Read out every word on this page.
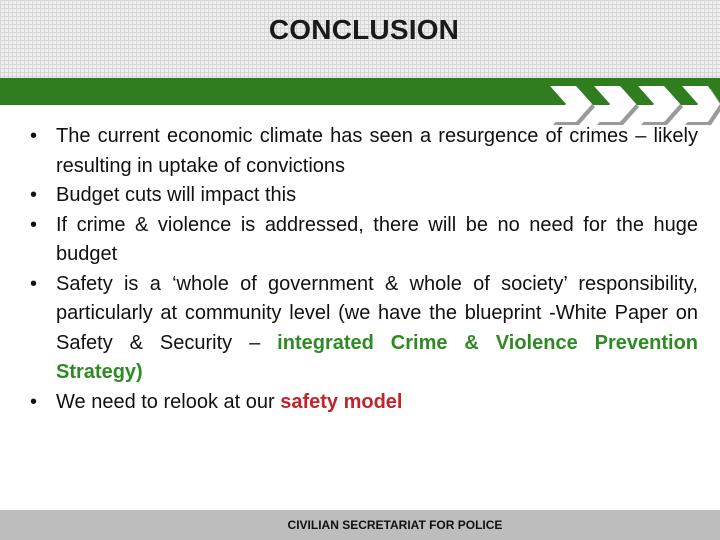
CONCLUSION
• The current economic climate has seen a resurgence of crimes – likely resulting in uptake of convictions
• Budget cuts will impact this
• If crime & violence is addressed, there will be no need for the huge budget
• Safety is a ‘whole of government & whole of society’ responsibility, particularly at community level (we have the blueprint -White Paper on Safety & Security – integrated Crime & Violence Prevention Strategy)
• We need to relook at our safety model
CIVILIAN SECRETARIAT FOR POLICE
